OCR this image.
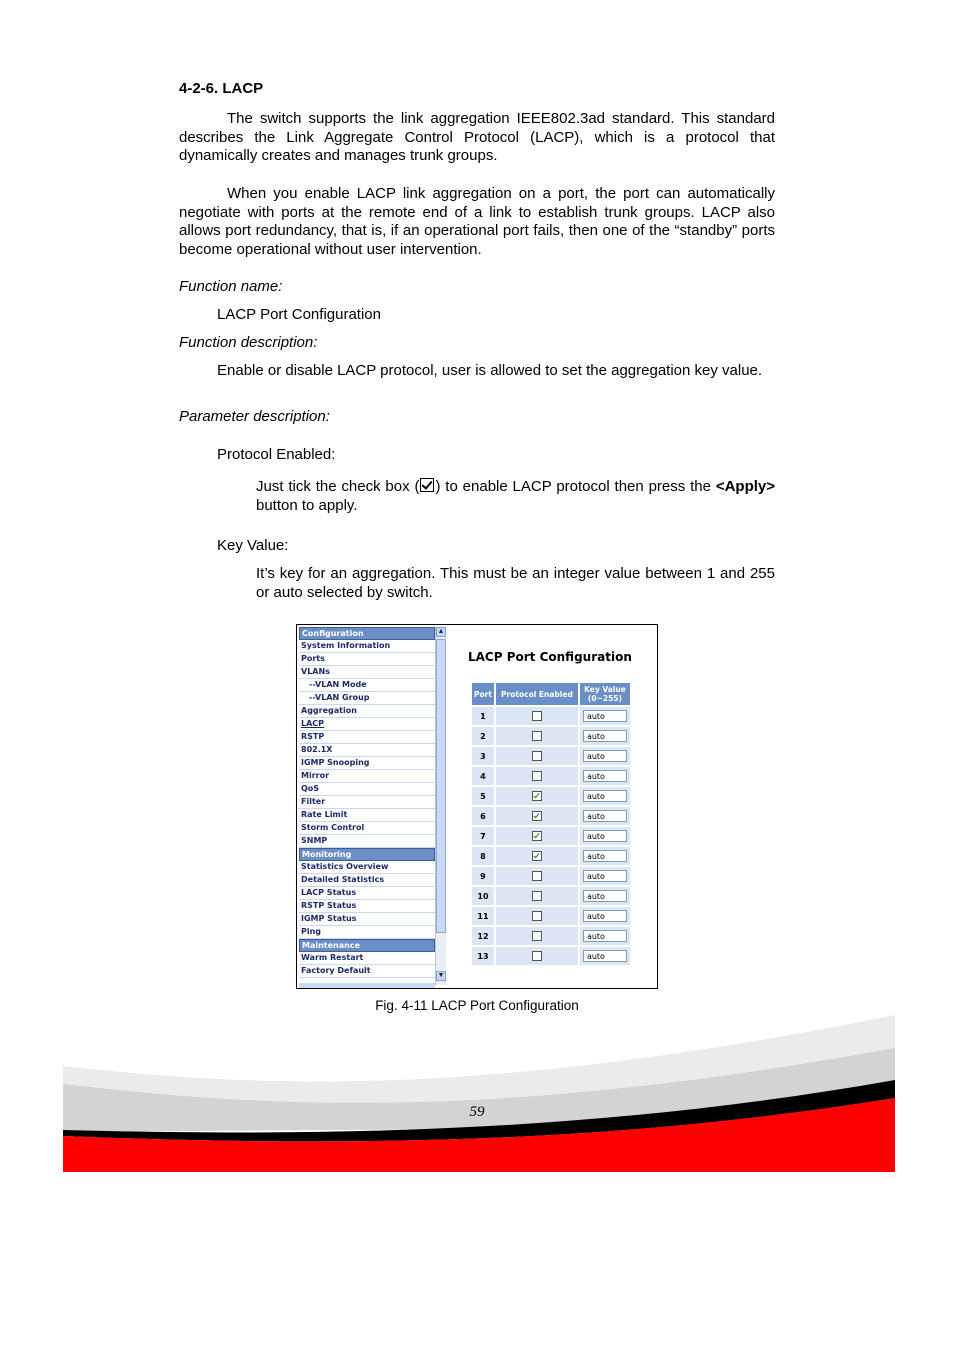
4-2-6. LACP
The switch supports the link aggregation IEEE802.3ad standard. This standard describes the Link Aggregate Control Protocol (LACP), which is a protocol that dynamically creates and manages trunk groups.
When you enable LACP link aggregation on a port, the port can automatically negotiate with ports at the remote end of a link to establish trunk groups. LACP also allows port redundancy, that is, if an operational port fails, then one of the “standby” ports become operational without user intervention.
Function name:
LACP Port Configuration
Function description:
Enable or disable LACP protocol, user is allowed to set the aggregation key value.
Parameter description:
Protocol Enabled:
Just tick the check box ( ) to enable LACP protocol then press the <Apply> button to apply.
Key Value:
It’s key for an aggregation. This must be an integer value between 1 and 255 or auto selected by switch.
Configuration
System Information
Ports
VLANs
--VLAN Mode
--VLAN Group
Aggregation
LACP
RSTP
802.1X
IGMP Snooping
Mirror
QoS
Filter
Rate Limit
Storm Control
SNMP
Monitoring
Statistics Overview
Detailed Statistics
LACP Status
RSTP Status
IGMP Status
Ping
Maintenance
Warm Restart
Factory Default
▲
▼
LACP Port Configuration
Port	Protocol Enabled	Key Value
(0~255)
1		auto
2		auto
3		auto
4		auto
5		auto
6		auto
7		auto
8		auto
9		auto
10		auto
11		auto
12		auto
13		auto
Fig. 4-11 LACP Port Configuration
59
